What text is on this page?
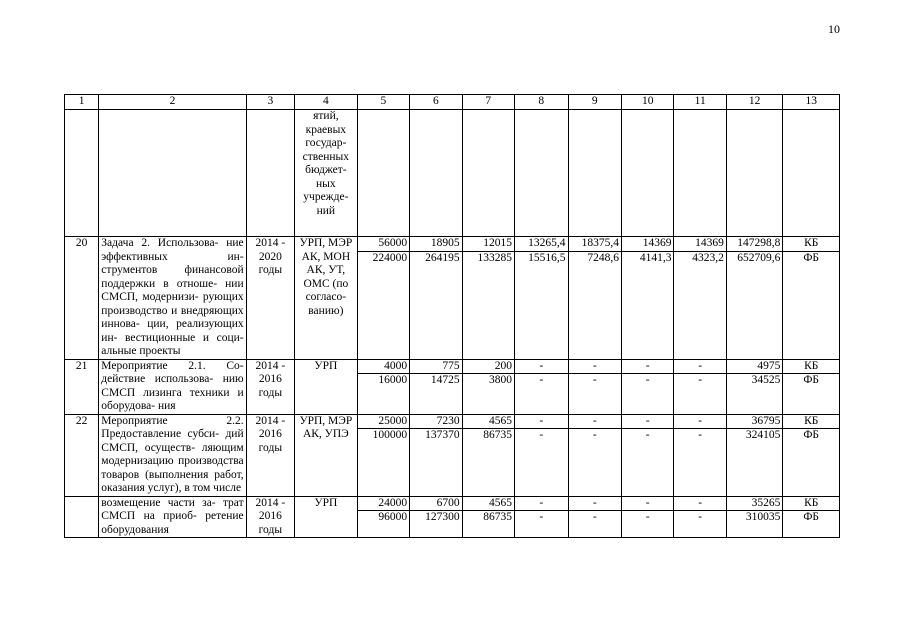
10
1	2	3	4	5	6	7	8	9	10	11	12	13
			ятий, краевых государ- ственных бюджет- ных учрежде- ний									
20	Задача 2. Использова- ние эффективных ин- струментов финансовой поддержки в отноше- нии СМСП, модернизи- рующих производство и внедряющих иннова- ции, реализующих ин- вестиционные и соци- альные проекты	2014 - 2020 годы	УРП, МЭР АК, МОН АК, УТ, ОМС (по согласо- ванию)	56000	18905	12015	13265,4	18375,4	14369	14369	147298,8	КБ
				224000	264195	133285	15516,5	7248,6	4141,3	4323,2	652709,6	ФБ
21	Мероприятие 2.1. Со- действие использова- нию СМСП лизинга техники и оборудова- ния	2014 - 2016 годы	УРП	4000	775	200	-	-	-	-	4975	КБ
				16000	14725	3800	-	-	-	-	34525	ФБ
22	Мероприятие 2.2. Предоставление субси- дий СМСП, осуществ- ляющим модернизацию производства товаров (выполнения работ, оказания услуг), в том числе	2014 - 2016 годы	УРП, МЭР АК, УПЭ	25000	7230	4565	-	-	-	-	36795	КБ
				100000	137370	86735	-	-	-	-	324105	ФБ
	возмещение части за- трат СМСП на приоб- ретение оборудования	2014 - 2016 годы	УРП	24000	6700	4565	-	-	-	-	35265	КБ
				96000	127300	86735	-	-	-	-	310035	ФБ
